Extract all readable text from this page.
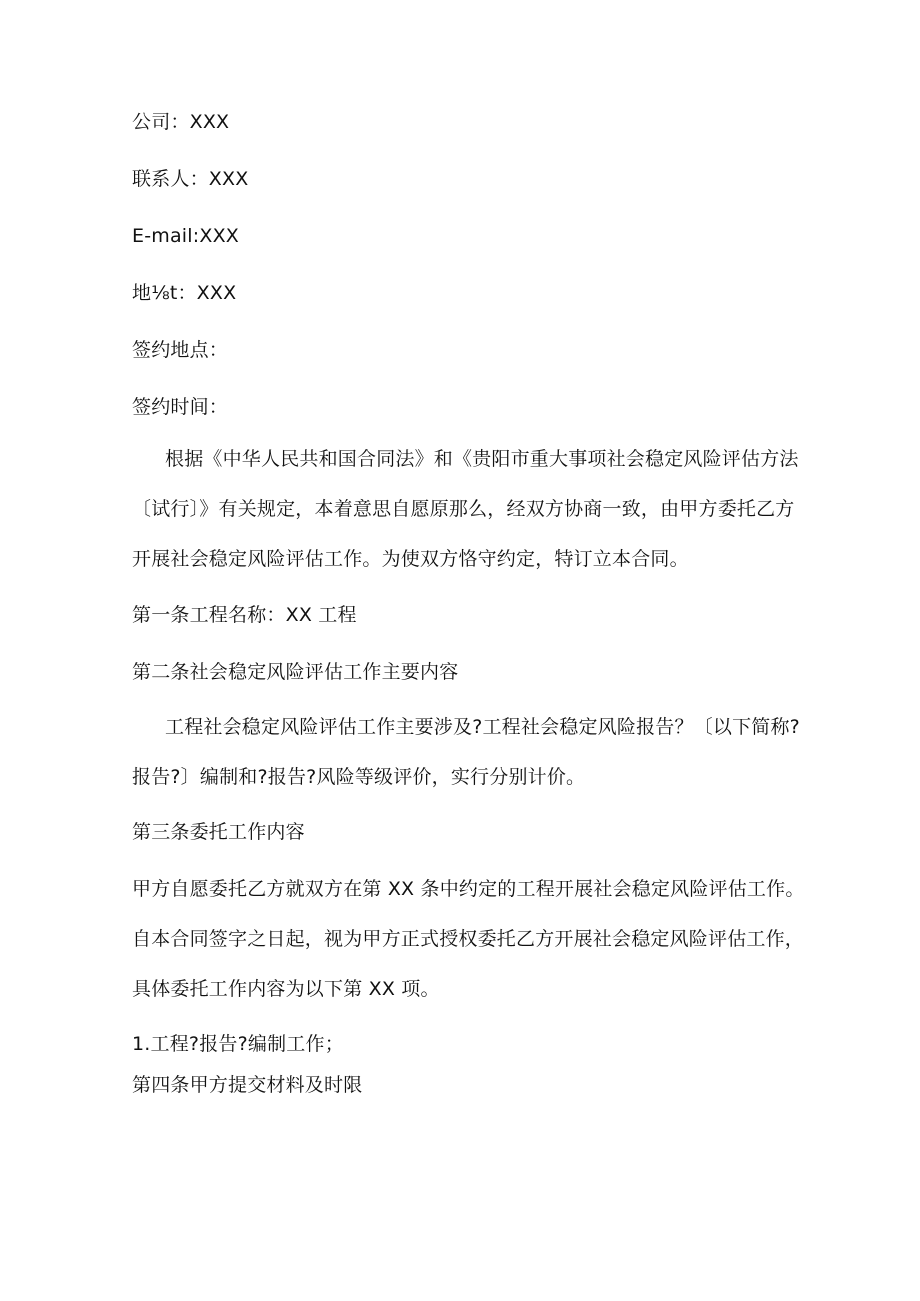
公司：XXX

联系人：XXX

E-mail:XXX

地⅛t：XXX

签约地点：

签约时间：

根据《中华人民共和国合同法》和《贵阳市重大事项社会稳定风险评估方法

〔试行〕》有关规定，本着意思自愿原那么，经双方协商一致，由甲方委托乙方

开展社会稳定风险评估工作。为使双方恪守约定，特订立本合同。

第一条工程名称：XX 工程

第二条社会稳定风险评估工作主要内容

工程社会稳定风险评估工作主要涉及?工程社会稳定风险报告？〔以下简称?

报告?〕编制和?报告?风险等级评价，实行分别计价。

第三条委托工作内容

甲方自愿委托乙方就双方在第 XX 条中约定的工程开展社会稳定风险评估工作。

自本合同签字之日起，视为甲方正式授权委托乙方开展社会稳定风险评估工作，

具体委托工作内容为以下第 XX 项。

1.工程?报告?编制工作；

第四条甲方提交材料及时限
